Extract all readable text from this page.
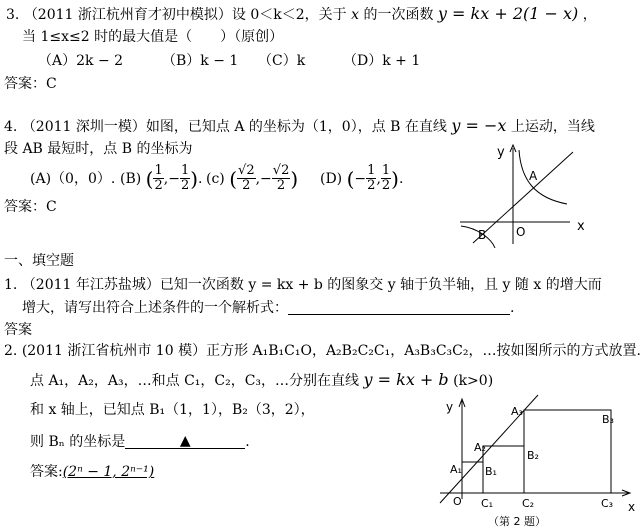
3. （2011 浙江杭州育才初中模拟）设 0＜k＜2，关于 x 的一次函数 y = kx + 2(1 − x) ，
当 1≤x≤2 时的最大值是（　　）（原创）
（A）2k − 2	（B）k − 1 （C）k	（D）k + 1
答案：C
4. （2011 深圳一模）如图，已知点 A 的坐标为（1，0），点 B 在直线 y = −x 上运动，当线
段 AB 最短时，点 B 的坐标为
(A)（0，0）. (B) ( $\frac{1}{2}$ ,− $\frac{1}{2}$ ). (c) ( $\frac{√2}{2}$ ,− $\frac{√2}{2}$ ) (D) (− $\frac{1}{2}$ , $\frac{1}{2}$ ).
答案：C
y
x
O
A
B
一、填空题
1. （2011 年江苏盐城）已知一次函数 y = kx + b 的图象交 y 轴于负半轴，且 y 随 x 的增大而
增大，请写出符合上述条件的一个解析式：	.
答案
2. (2011 浙江省杭州市 10 模）正方形 A₁B₁C₁O，A₂B₂C₂C₁，A₃B₃C₃C₂，…按如图所示的方式放置.
点 A₁，A₂，A₃，…和点 C₁，C₂，C₃，…分别在直线 y = kx + b (k>0)
和 x 轴上，已知点 B₁（1，1），B₂（3，2），
则 Bₙ 的坐标是	▲	.
答案:(2ⁿ − 1, 2ⁿ⁻¹)
y
x
O
A₁
A₂
A₃
B₁
B₂
B₃
C₁	C₂	C₃
（第 2 题）
